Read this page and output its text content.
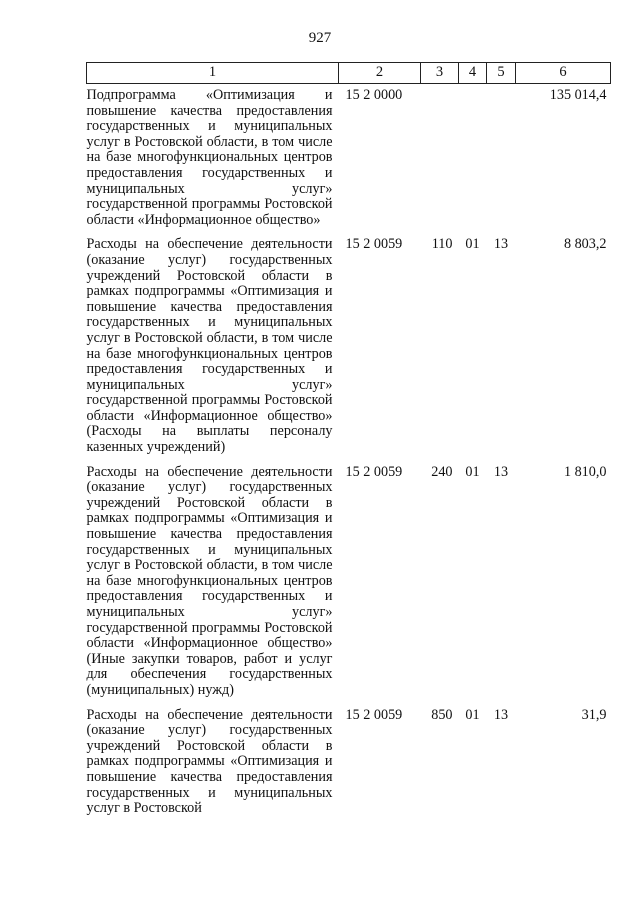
927
1	2	3	4	5	6
Подпрограмма «Оптимизация и повышение качества предоставления государственных и муниципальных услуг в Ростовской области, в том числе на базе многофункциональных центров предоставления государственных и муниципальных услуг» государственной программы Ростовской области «Информационное общество»	15 2 0000				135 014,4
Расходы на обеспечение деятельности (оказание услуг) государственных учреждений Ростовской области в рамках подпрограммы «Оптимизация и повышение качества предоставления государственных и муниципальных услуг в Ростовской области, в том числе на базе многофункциональных центров предоставления государственных и муниципальных услуг» государственной программы Ростовской области «Информационное общество» (Расходы на выплаты персоналу казенных учреждений)	15 2 0059	110	01	13	8 803,2
Расходы на обеспечение деятельности (оказание услуг) государственных учреждений Ростовской области в рамках подпрограммы «Оптимизация и повышение качества предоставления государственных и муниципальных услуг в Ростовской области, в том числе на базе многофункциональных центров предоставления государственных и муниципальных услуг» государственной программы Ростовской области «Информационное общество» (Иные закупки товаров, работ и услуг для обеспечения государственных (муниципальных) нужд)	15 2 0059	240	01	13	1 810,0
Расходы на обеспечение деятельности (оказание услуг) государственных учреждений Ростовской области в рамках подпрограммы «Оптимизация и повышение качества предоставления государственных и муниципальных услуг в Ростовской	15 2 0059	850	01	13	31,9
